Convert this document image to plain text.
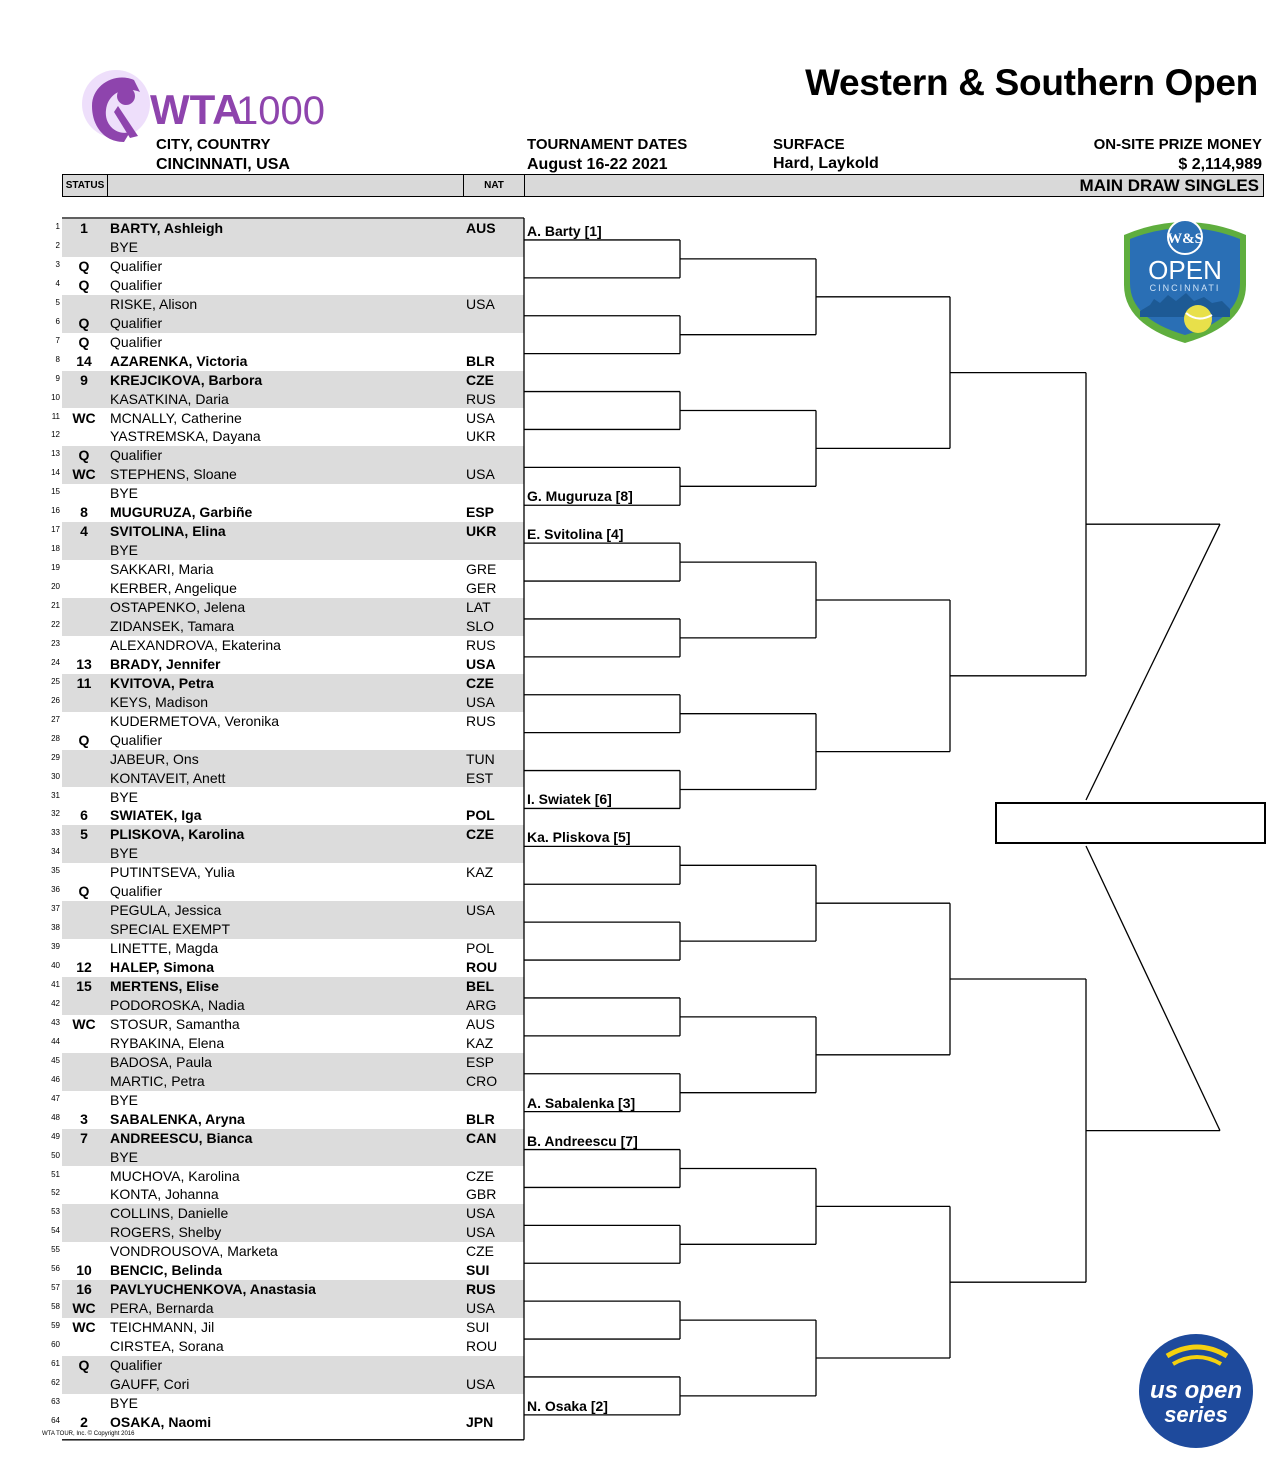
WTA
1000
Western & Southern Open
CITY, COUNTRY
CINCINNATI, USA
TOURNAMENT DATES
August 16-22 2021
SURFACE
Hard, Laykold
ON-SITE PRIZE MONEY
$ 2,114,989
STATUS	NAT	MAIN DRAW SINGLES
1	1	BARTY, Ashleigh	AUS
2	BYE
3	Q	Qualifier
4	Q	Qualifier
5	RISKE, Alison	USA
6	Q	Qualifier
7	Q	Qualifier
8	14	AZARENKA, Victoria	BLR
9	9	KREJCIKOVA, Barbora	CZE
10	KASATKINA, Daria	RUS
11 WC MCNALLY, Catherine	USA
12	YASTREMSKA, Dayana	UKR
13	Q	Qualifier
14 WC STEPHENS, Sloane	USA
15	BYE
16	8	MUGURUZA, Garbiñe	ESP
17	4	SVITOLINA, Elina	UKR
18	BYE
19	SAKKARI, Maria	GRE
20	KERBER, Angelique	GER
21	OSTAPENKO, Jelena	LAT
22	ZIDANSEK, Tamara	SLO
23	ALEXANDROVA, Ekaterina	RUS
24	13	BRADY, Jennifer	USA
25	11	KVITOVA, Petra	CZE
26	KEYS, Madison	USA
27	KUDERMETOVA, Veronika	RUS
28	Q	Qualifier
29	JABEUR, Ons	TUN
30	KONTAVEIT, Anett	EST
31	BYE
32	6	SWIATEK, Iga	POL
33	5	PLISKOVA, Karolina	CZE
34	BYE
35	PUTINTSEVA, Yulia	KAZ
36	Q	Qualifier
37	PEGULA, Jessica	USA
38	SPECIAL EXEMPT
39	LINETTE, Magda	POL
40	12	HALEP, Simona	ROU
41	15	MERTENS, Elise	BEL
42	PODOROSKA, Nadia	ARG
43 WC STOSUR, Samantha	AUS
44	RYBAKINA, Elena	KAZ
45	BADOSA, Paula	ESP
46	MARTIC, Petra	CRO
47	BYE
48	3	SABALENKA, Aryna	BLR
49	7	ANDREESCU, Bianca	CAN
50	BYE
51	MUCHOVA, Karolina	CZE
52	KONTA, Johanna	GBR
53	COLLINS, Danielle	USA
54	ROGERS, Shelby	USA
55	VONDROUSOVA, Marketa	CZE
56	10	BENCIC, Belinda	SUI
57	16	PAVLYUCHENKOVA, Anastasia	RUS
58 WC PERA, Bernarda	USA
59 WC TEICHMANN, Jil	SUI
60	CIRSTEA, Sorana	ROU
61	Q	Qualifier
62	GAUFF, Cori	USA
63	BYE
64	2	OSAKA, Naomi	JPN
A. Barty [1]
G. Muguruza [8]
E. Svitolina [4]
I. Swiatek [6]
Ka. Pliskova [5]
A. Sabalenka [3]
B. Andreescu [7]
N. Osaka [2]
W&S
OPEN
CINCINNATI
us open
series
WTA TOUR, Inc. © Copyright 2016
